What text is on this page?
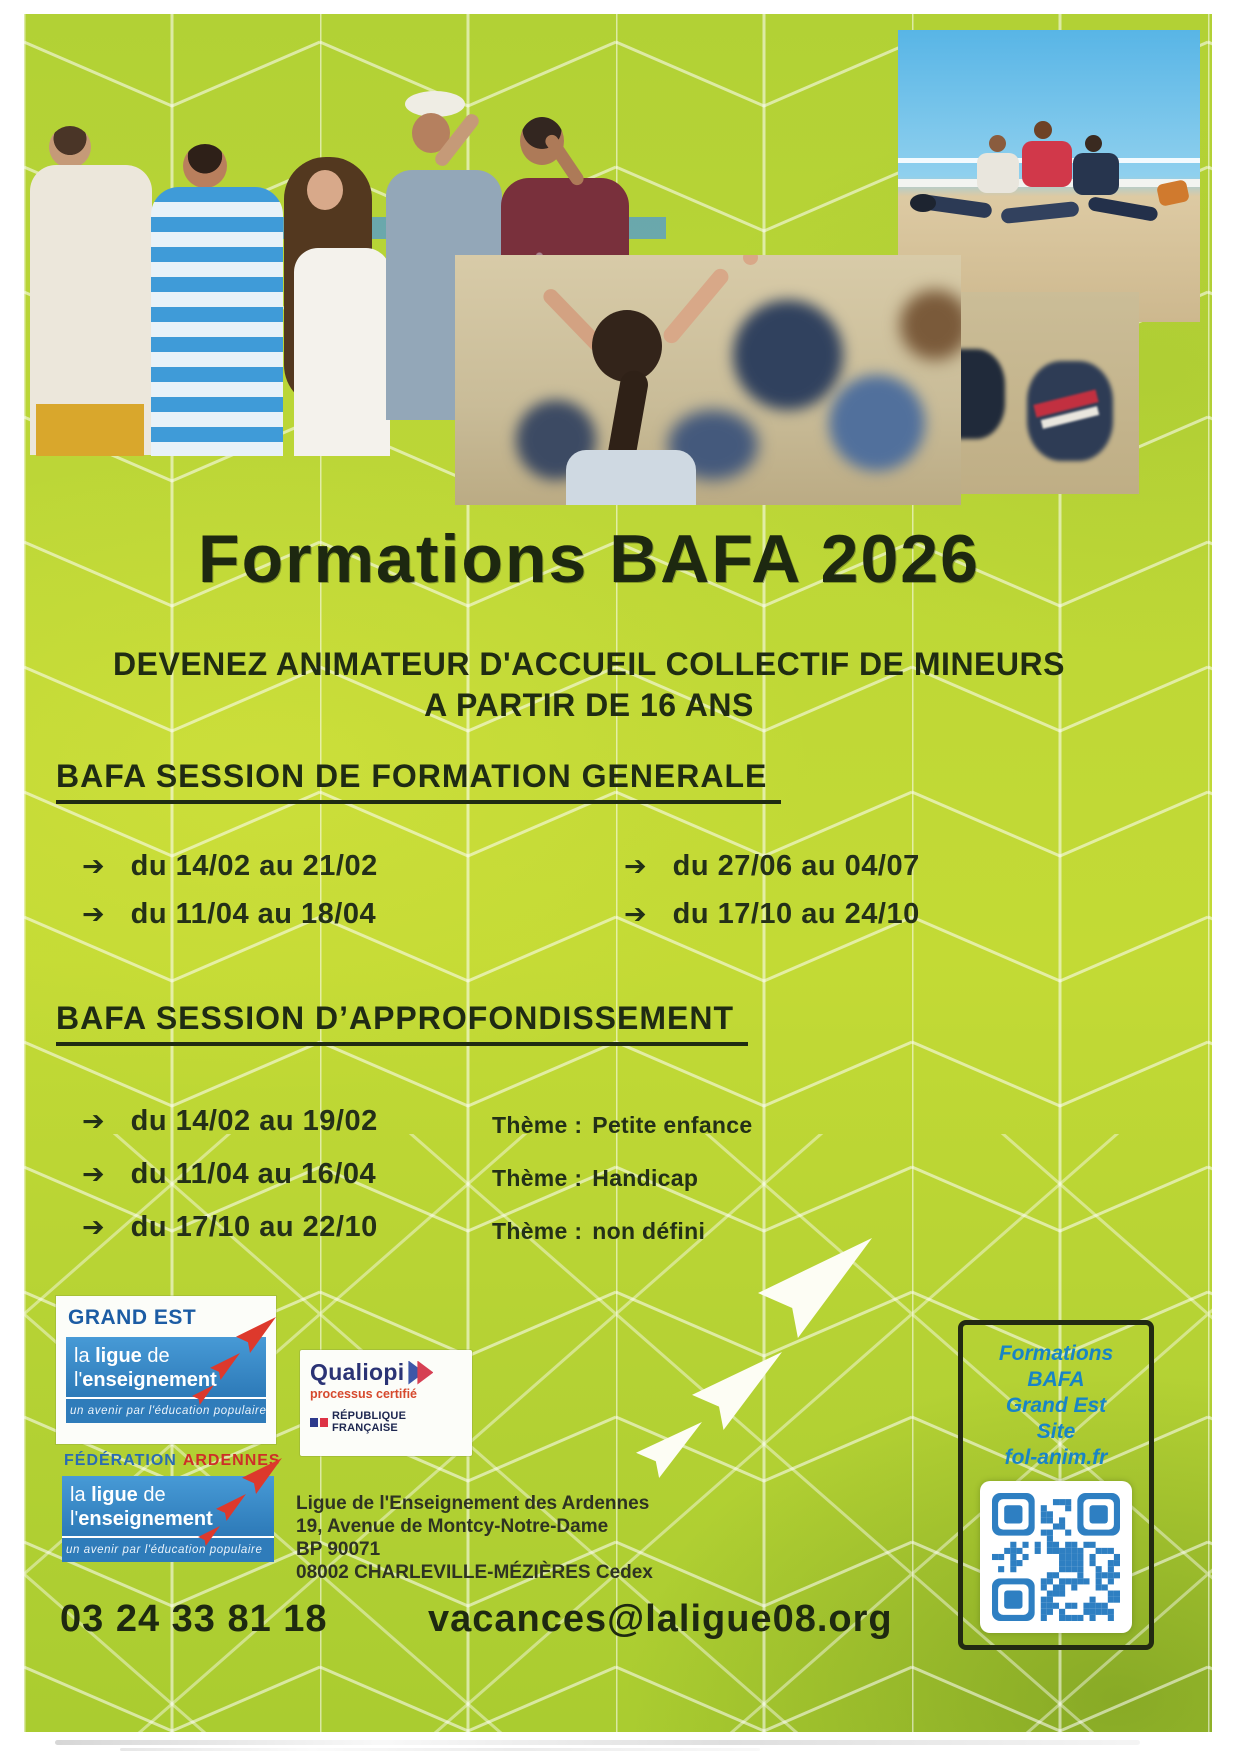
Formations BAFA 2026
DEVENEZ ANIMATEUR D'ACCUEIL COLLECTIF DE MINEURS
A PARTIR DE 16 ANS
BAFA SESSION DE FORMATION GENERALE
➔ du 14/02 au 21/02
➔ du 11/04 au 18/04
➔ du 27/06 au 04/07
➔ du 17/10 au 24/10
BAFA SESSION D’APPROFONDISSEMENT
➔ du 14/02 au 19/02	Thème : Petite enfance
➔ du 11/04 au 16/04	Thème : Handicap
➔ du 17/10 au 22/10	Thème : non défini
GRAND EST
la ligue de
l'enseignement
un avenir par l'éducation populaire
Qualiopi
processus certifié
RÉPUBLIQUE FRANÇAISE
FÉDÉRATION ARDENNES
la ligue de
l'enseignement
un avenir par l'éducation populaire
Ligue de l'Enseignement des Ardennes
19, Avenue de Montcy-Notre-Dame
BP 90071
08002 CHARLEVILLE-MÉZIÈRES Cedex
Formations
BAFA
Grand Est
Site
fol-anim.fr
03 24 33 81 18	vacances@laligue08.org
